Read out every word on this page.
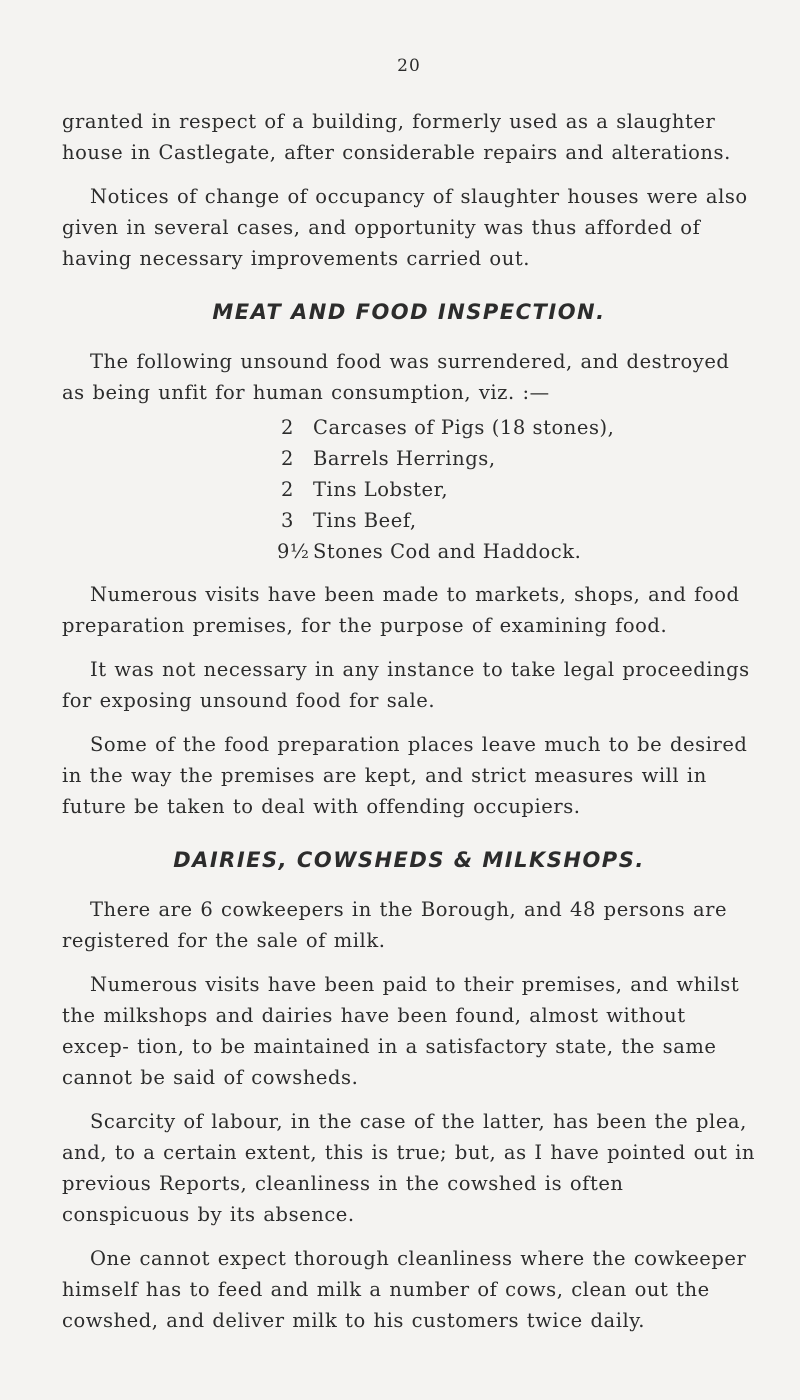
20

granted in respect of a building, formerly used as a slaughter house in Castlegate, after considerable repairs and alterations.

Notices of change of occupancy of slaughter houses were also given in several cases, and opportunity was thus afforded of having necessary improvements carried out.

MEAT AND FOOD INSPECTION.

The following unsound food was surrendered, and destroyed as being unfit for human consumption, viz. :—

2 Carcases of Pigs (18 stones),
2 Barrels Herrings,
2 Tins Lobster,
3 Tins Beef,
9½ Stones Cod and Haddock.

Numerous visits have been made to markets, shops, and food preparation premises, for the purpose of examining food.

It was not necessary in any instance to take legal proceedings for exposing unsound food for sale.

Some of the food preparation places leave much to be desired in the way the premises are kept, and strict measures will in future be taken to deal with offending occupiers.

DAIRIES, COWSHEDS & MILKSHOPS.

There are 6 cowkeepers in the Borough, and 48 persons are registered for the sale of milk.

Numerous visits have been paid to their premises, and whilst the milkshops and dairies have been found, almost without excep- tion, to be maintained in a satisfactory state, the same cannot be said of cowsheds.

Scarcity of labour, in the case of the latter, has been the plea, and, to a certain extent, this is true; but, as I have pointed out in previous Reports, cleanliness in the cowshed is often conspicuous by its absence.

One cannot expect thorough cleanliness where the cowkeeper himself has to feed and milk a number of cows, clean out the cowshed, and deliver milk to his customers twice daily.
